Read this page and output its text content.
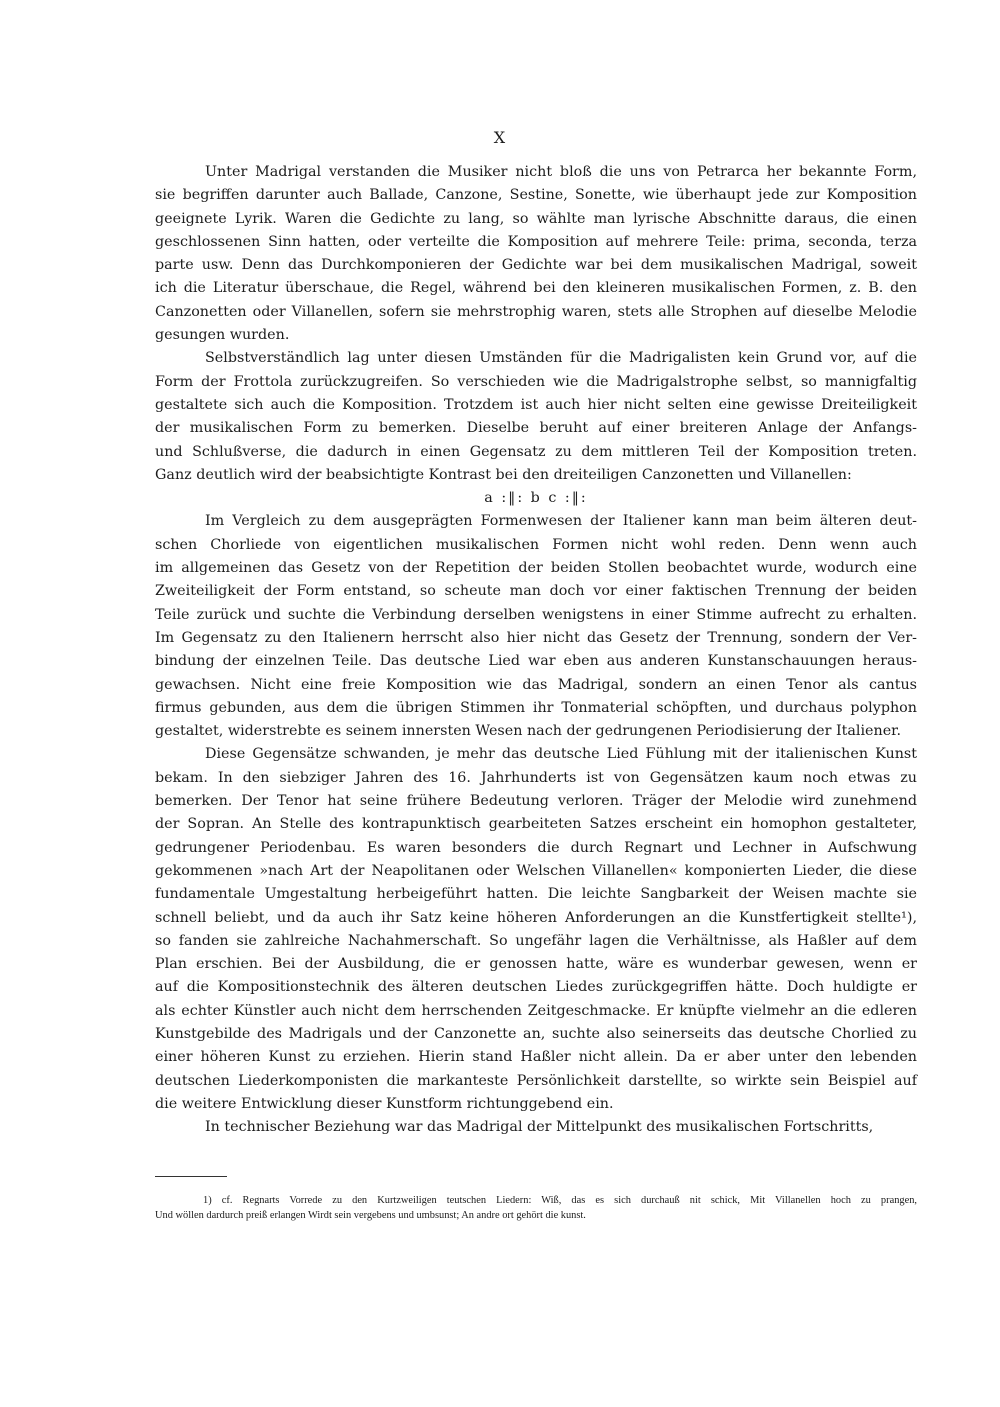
X
Unter Madrigal verstanden die Musiker nicht bloß die uns von Petrarca her bekannte Form,
sie begriffen darunter auch Ballade, Canzone, Sestine, Sonette, wie überhaupt jede zur Komposition
geeignete Lyrik. Waren die Gedichte zu lang, so wählte man lyrische Abschnitte daraus, die einen
geschlossenen Sinn hatten, oder verteilte die Komposition auf mehrere Teile: prima, seconda, terza
parte usw. Denn das Durchkomponieren der Gedichte war bei dem musikalischen Madrigal, soweit
ich die Literatur überschaue, die Regel, während bei den kleineren musikalischen Formen, z. B. den
Canzonetten oder Villanellen, sofern sie mehrstrophig waren, stets alle Strophen auf dieselbe Melodie
gesungen wurden.
Selbstverständlich lag unter diesen Umständen für die Madrigalisten kein Grund vor, auf die
Form der Frottola zurückzugreifen. So verschieden wie die Madrigalstrophe selbst, so mannigfaltig
gestaltete sich auch die Komposition. Trotzdem ist auch hier nicht selten eine gewisse Dreiteiligkeit
der musikalischen Form zu bemerken. Dieselbe beruht auf einer breiteren Anlage der Anfangs-
und Schlußverse, die dadurch in einen Gegensatz zu dem mittleren Teil der Komposition treten.
Ganz deutlich wird der beabsichtigte Kontrast bei den dreiteiligen Canzonetten und Villanellen:
a :‖: b c :‖:
Im Vergleich zu dem ausgeprägten Formenwesen der Italiener kann man beim älteren deut-
schen Chorliede von eigentlichen musikalischen Formen nicht wohl reden. Denn wenn auch
im allgemeinen das Gesetz von der Repetition der beiden Stollen beobachtet wurde, wodurch eine
Zweiteiligkeit der Form entstand, so scheute man doch vor einer faktischen Trennung der beiden
Teile zurück und suchte die Verbindung derselben wenigstens in einer Stimme aufrecht zu erhalten.
Im Gegensatz zu den Italienern herrscht also hier nicht das Gesetz der Trennung, sondern der Ver-
bindung der einzelnen Teile. Das deutsche Lied war eben aus anderen Kunstanschauungen heraus-
gewachsen. Nicht eine freie Komposition wie das Madrigal, sondern an einen Tenor als cantus
firmus gebunden, aus dem die übrigen Stimmen ihr Tonmaterial schöpften, und durchaus polyphon
gestaltet, widerstrebte es seinem innersten Wesen nach der gedrungenen Periodisierung der Italiener.
Diese Gegensätze schwanden, je mehr das deutsche Lied Fühlung mit der italienischen Kunst
bekam. In den siebziger Jahren des 16. Jahrhunderts ist von Gegensätzen kaum noch etwas zu
bemerken. Der Tenor hat seine frühere Bedeutung verloren. Träger der Melodie wird zunehmend
der Sopran. An Stelle des kontrapunktisch gearbeiteten Satzes erscheint ein homophon gestalteter,
gedrungener Periodenbau. Es waren besonders die durch Regnart und Lechner in Aufschwung
gekommenen »nach Art der Neapolitanen oder Welschen Villanellen« komponierten Lieder, die diese
fundamentale Umgestaltung herbeigeführt hatten. Die leichte Sangbarkeit der Weisen machte sie
schnell beliebt, und da auch ihr Satz keine höheren Anforderungen an die Kunstfertigkeit stellte¹),
so fanden sie zahlreiche Nachahmerschaft. So ungefähr lagen die Verhältnisse, als Haßler auf dem
Plan erschien. Bei der Ausbildung, die er genossen hatte, wäre es wunderbar gewesen, wenn er
auf die Kompositionstechnik des älteren deutschen Liedes zurückgegriffen hätte. Doch huldigte er
als echter Künstler auch nicht dem herrschenden Zeitgeschmacke. Er knüpfte vielmehr an die edleren
Kunstgebilde des Madrigals und der Canzonette an, suchte also seinerseits das deutsche Chorlied zu
einer höheren Kunst zu erziehen. Hierin stand Haßler nicht allein. Da er aber unter den lebenden
deutschen Liederkomponisten die markanteste Persönlichkeit darstellte, so wirkte sein Beispiel auf
die weitere Entwicklung dieser Kunstform richtunggebend ein.
In technischer Beziehung war das Madrigal der Mittelpunkt des musikalischen Fortschritts,
1) cf. Regnarts Vorrede zu den Kurtzweiligen teutschen Liedern: Wiß, das es sich durchauß nit schick, Mit Villanellen hoch zu prangen,
Und wöllen dardurch preiß erlangen Wirdt sein vergebens und umbsunst; An andre ort gehört die kunst.
